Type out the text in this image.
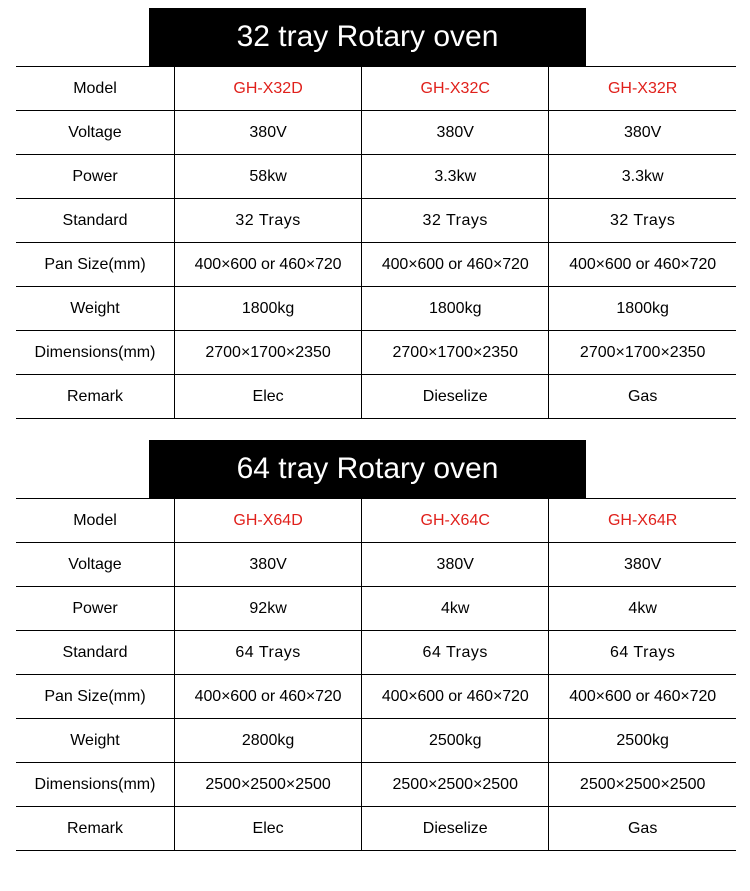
32 tray Rotary oven
Model	GH-X32D	GH-X32C	GH-X32R
Voltage	380V	380V	380V
Power	58kw	3.3kw	3.3kw
Standard	32 Trays	32 Trays	32 Trays
Pan Size(mm)	400×600 or 460×720	400×600 or 460×720	400×600 or 460×720
Weight	1800kg	1800kg	1800kg
Dimensions(mm)	2700×1700×2350	2700×1700×2350	2700×1700×2350
Remark	Elec	Dieselize	Gas
64 tray Rotary oven
Model	GH-X64D	GH-X64C	GH-X64R
Voltage	380V	380V	380V
Power	92kw	4kw	4kw
Standard	64 Trays	64 Trays	64 Trays
Pan Size(mm)	400×600 or 460×720	400×600 or 460×720	400×600 or 460×720
Weight	2800kg	2500kg	2500kg
Dimensions(mm)	2500×2500×2500	2500×2500×2500	2500×2500×2500
Remark	Elec	Dieselize	Gas
